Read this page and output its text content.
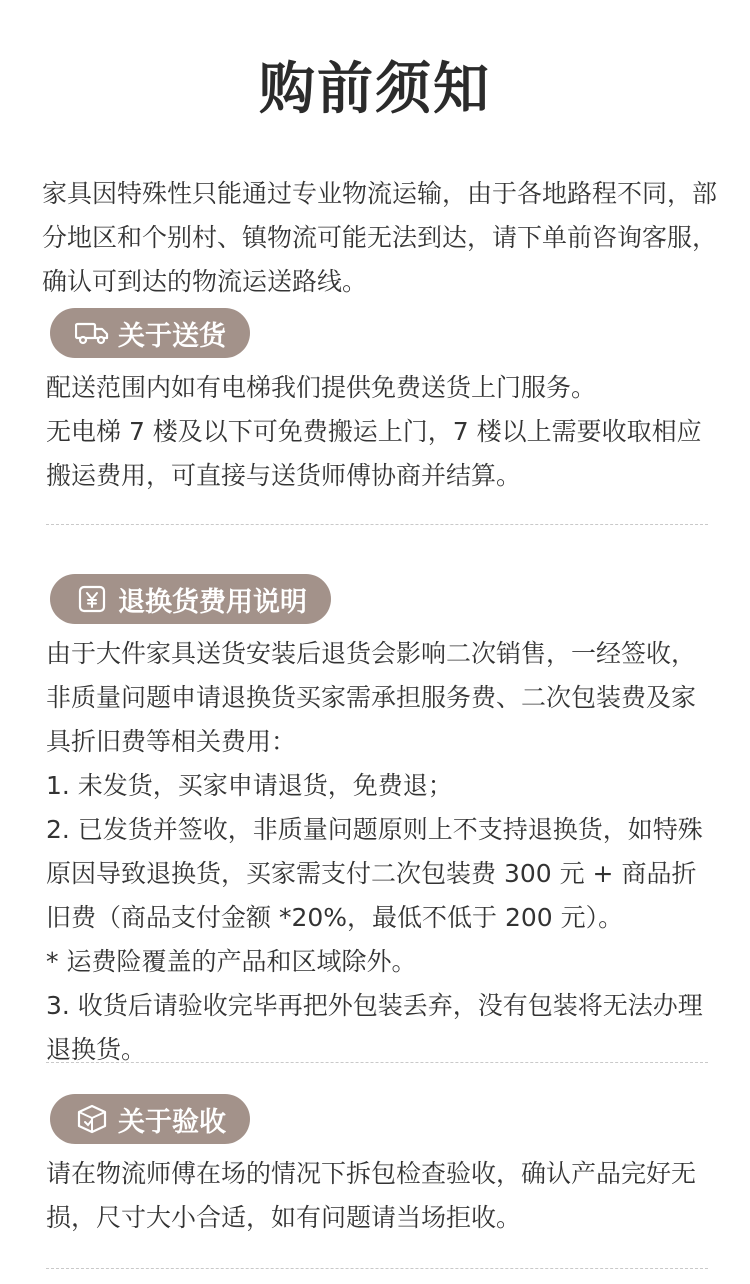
购前须知

家具因特殊性只能通过专业物流运输，由于各地路程不同，部分地区和个别村、镇物流可能无法到达，请下单前咨询客服，确认可到达的物流运送路线。

关于送货

配送范围内如有电梯我们提供免费送货上门服务。

无电梯 7 楼及以下可免费搬运上门，7 楼以上需要收取相应搬运费用，可直接与送货师傅协商并结算。

退换货费用说明

由于大件家具送货安装后退货会影响二次销售，一经签收，非质量问题申请退换货买家需承担服务费、二次包装费及家具折旧费等相关费用：

1. 未发货，买家申请退货，免费退；

2. 已发货并签收，非质量问题原则上不支持退换货，如特殊原因导致退换货，买家需支付二次包装费 300 元 + 商品折旧费（商品支付金额 *20%，最低不低于 200 元）。

* 运费险覆盖的产品和区域除外。

3. 收货后请验收完毕再把外包装丢弃，没有包装将无法办理退换货。

关于验收

请在物流师傅在场的情况下拆包检查验收，确认产品完好无损，尺寸大小合适，如有问题请当场拒收。
